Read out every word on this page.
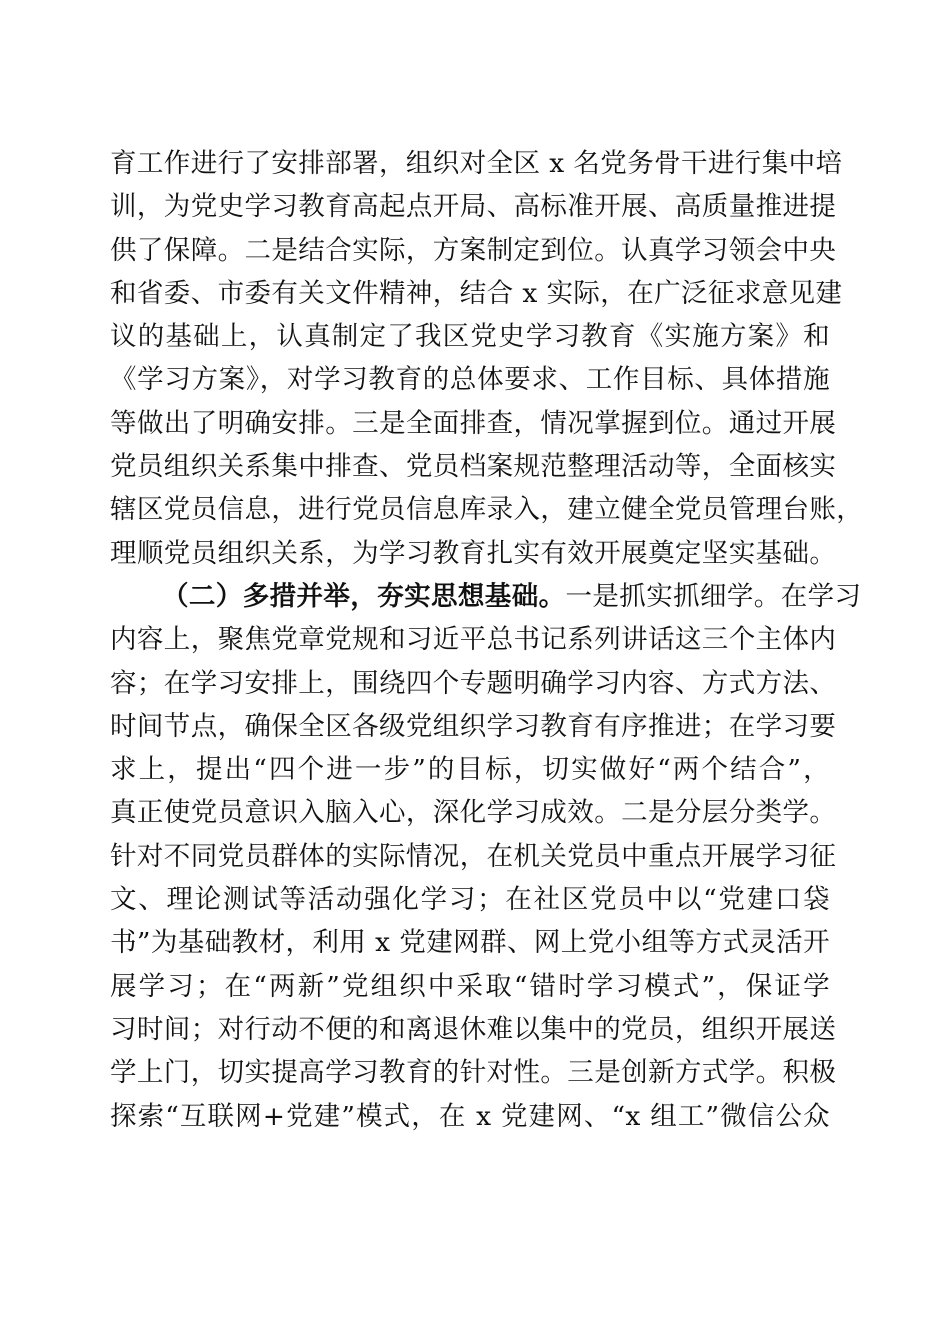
育工作进行了安排部署，组织对全区 x 名党务骨干进行集中培
训，为党史学习教育高起点开局、高标准开展、高质量推进提
供了保障。二是结合实际，方案制定到位。认真学习领会中央
和省委、市委有关文件精神，结合 x 实际，在广泛征求意见建
议的基础上，认真制定了我区党史学习教育《实施方案》和
《学习方案》，对学习教育的总体要求、工作目标、具体措施
等做出了明确安排。三是全面排查，情况掌握到位。通过开展
党员组织关系集中排查、党员档案规范整理活动等，全面核实
辖区党员信息，进行党员信息库录入，建立健全党员管理台账，
理顺党员组织关系，为学习教育扎实有效开展奠定坚实基础。
（二）多措并举，夯实思想基础。一是抓实抓细学。在学习
内容上，聚焦党章党规和习近平总书记系列讲话这三个主体内
容；在学习安排上，围绕四个专题明确学习内容、方式方法、
时间节点，确保全区各级党组织学习教育有序推进；在学习要
求上，提出“四个进一步”的目标，切实做好“两个结合”，
真正使党员意识入脑入心，深化学习成效。二是分层分类学。
针对不同党员群体的实际情况，在机关党员中重点开展学习征
文、理论测试等活动强化学习；在社区党员中以“党建口袋
书”为基础教材，利用 x 党建网群、网上党小组等方式灵活开
展学习；在“两新”党组织中采取“错时学习模式”，保证学
习时间；对行动不便的和离退休难以集中的党员，组织开展送
学上门，切实提高学习教育的针对性。三是创新方式学。积极
探索“互联网+党建”模式，在 x 党建网、“x 组工”微信公众
